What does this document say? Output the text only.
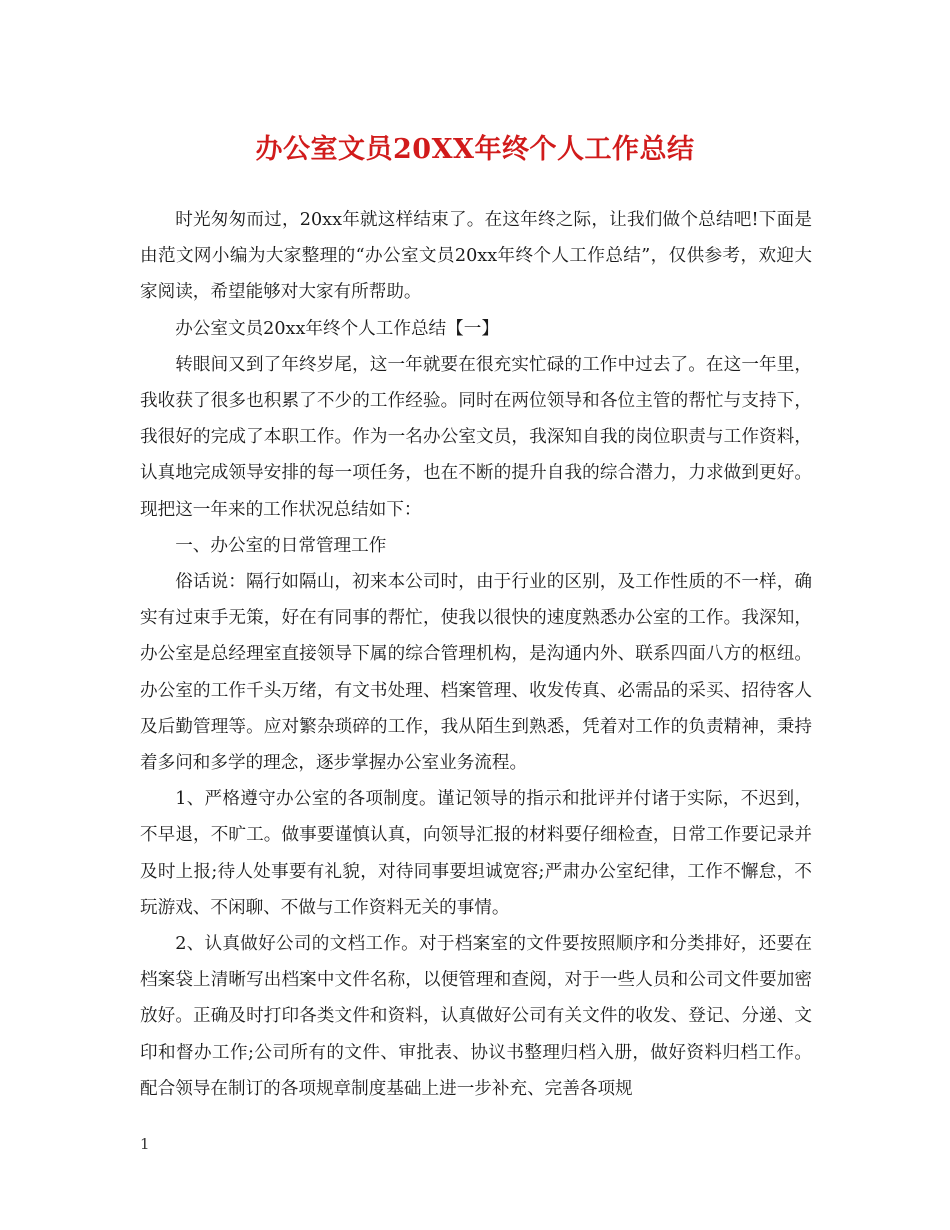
办公室文员20XX年终个人工作总结

时光匆匆而过，20xx年就这样结束了。在这年终之际，让我们做个总结吧!下面是由范文网小编为大家整理的“办公室文员20xx年终个人工作总结”，仅供参考，欢迎大家阅读，希望能够对大家有所帮助。

办公室文员20xx年终个人工作总结【一】

转眼间又到了年终岁尾，这一年就要在很充实忙碌的工作中过去了。在这一年里，我收获了很多也积累了不少的工作经验。同时在两位领导和各位主管的帮忙与支持下，我很好的完成了本职工作。作为一名办公室文员，我深知自我的岗位职责与工作资料，认真地完成领导安排的每一项任务，也在不断的提升自我的综合潜力，力求做到更好。现把这一年来的工作状况总结如下：

一、办公室的日常管理工作

俗话说：隔行如隔山，初来本公司时，由于行业的区别，及工作性质的不一样，确实有过束手无策，好在有同事的帮忙，使我以很快的速度熟悉办公室的工作。我深知，办公室是总经理室直接领导下属的综合管理机构，是沟通内外、联系四面八方的枢纽。办公室的工作千头万绪，有文书处理、档案管理、收发传真、必需品的采买、招待客人及后勤管理等。应对繁杂琐碎的工作，我从陌生到熟悉，凭着对工作的负责精神，秉持着多问和多学的理念，逐步掌握办公室业务流程。

1、严格遵守办公室的各项制度。谨记领导的指示和批评并付诸于实际，不迟到，不早退，不旷工。做事要谨慎认真，向领导汇报的材料要仔细检查，日常工作要记录并及时上报;待人处事要有礼貌，对待同事要坦诚宽容;严肃办公室纪律，工作不懈怠，不玩游戏、不闲聊、不做与工作资料无关的事情。

2、认真做好公司的文档工作。对于档案室的文件要按照顺序和分类排好，还要在档案袋上清晰写出档案中文件名称，以便管理和查阅，对于一些人员和公司文件要加密放好。正确及时打印各类文件和资料，认真做好公司有关文件的收发、登记、分递、文印和督办工作;公司所有的文件、审批表、协议书整理归档入册，做好资料归档工作。配合领导在制订的各项规章制度基础上进一步补充、完善各项规

1
